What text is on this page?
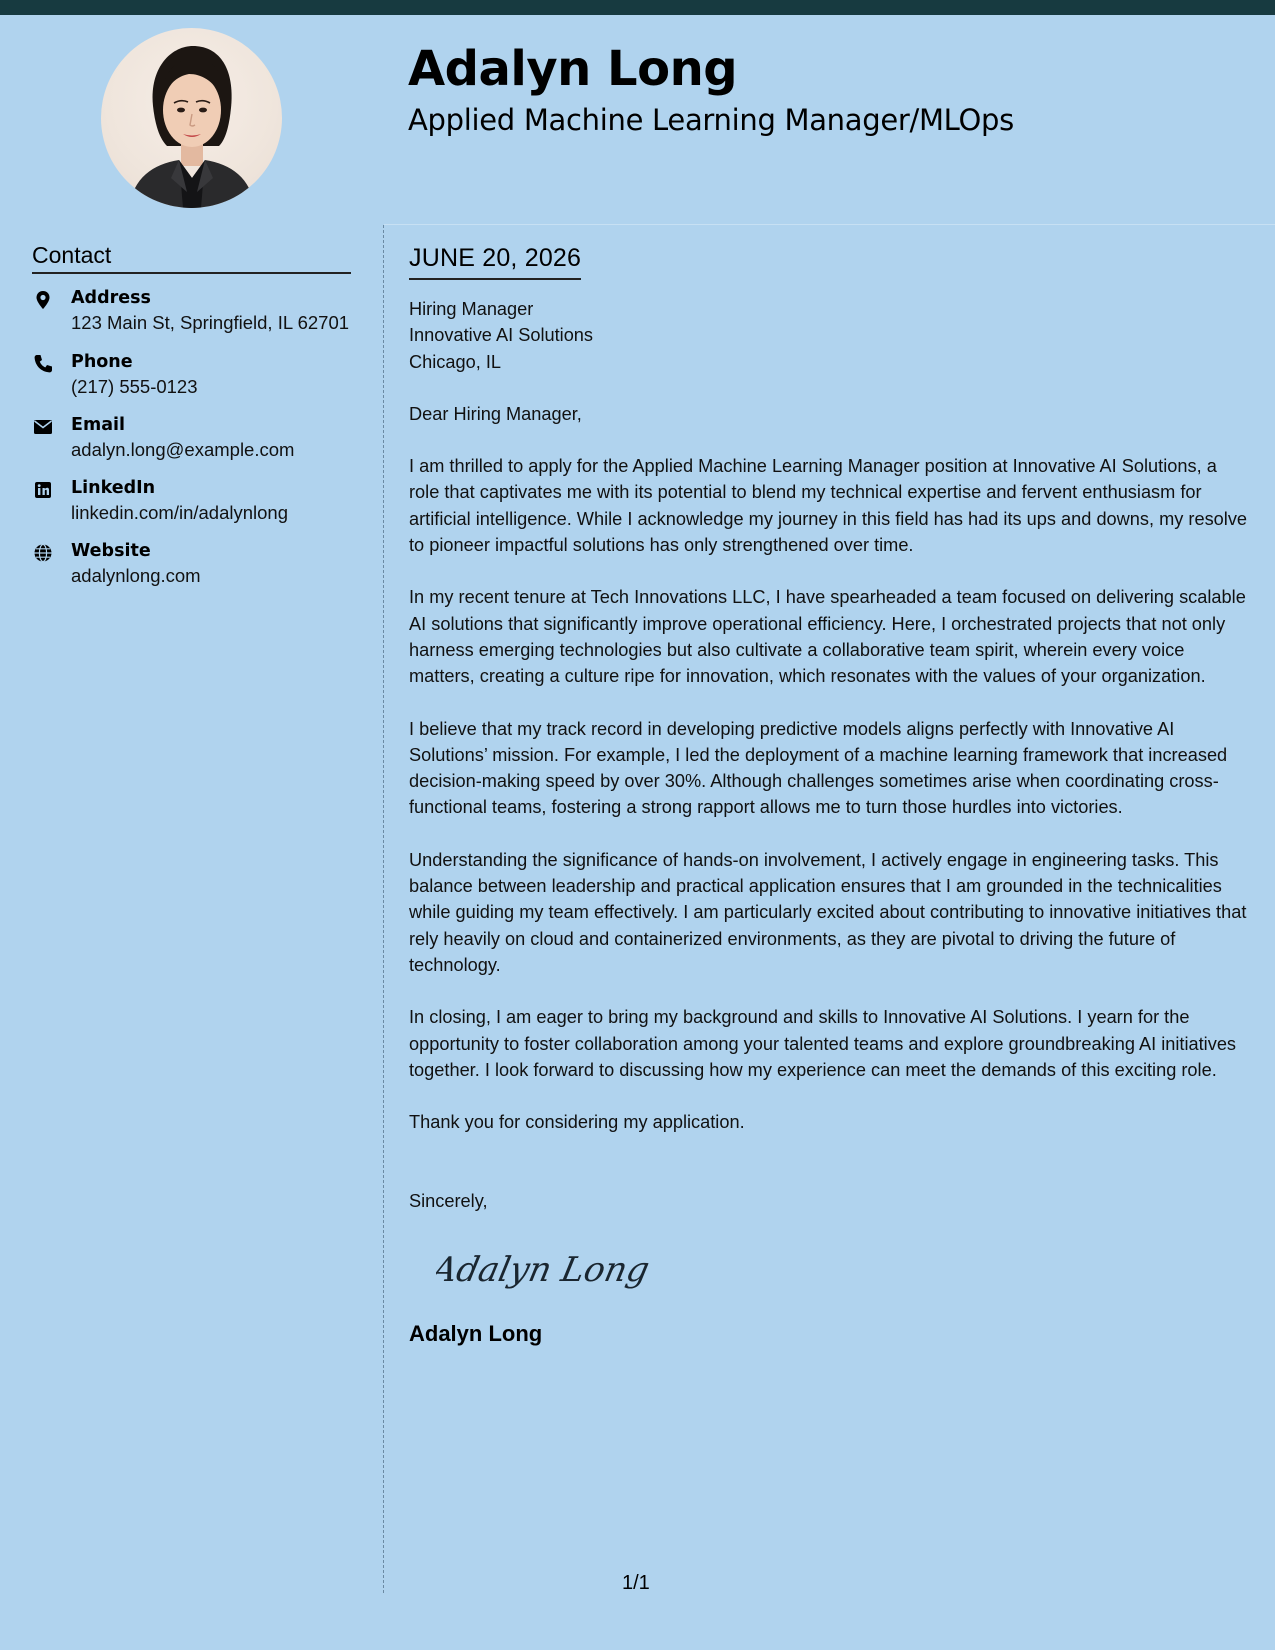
Adalyn Long
Applied Machine Learning Manager/MLOps
Contact
Address
123 Main St, Springfield, IL 62701
Phone
(217) 555-0123
Email
adalyn.long@example.com
LinkedIn
linkedin.com/in/adalynlong
Website
adalynlong.com
JUNE 20, 2026
Hiring Manager
Innovative AI Solutions
Chicago, IL
Dear Hiring Manager,
I am thrilled to apply for the Applied Machine Learning Manager position at Innovative AI Solutions, a role that captivates me with its potential to blend my technical expertise and fervent enthusiasm for artificial intelligence. While I acknowledge my journey in this field has had its ups and downs, my resolve to pioneer impactful solutions has only strengthened over time.
In my recent tenure at Tech Innovations LLC, I have spearheaded a team focused on delivering scalable AI solutions that significantly improve operational efficiency. Here, I orchestrated projects that not only harness emerging technologies but also cultivate a collaborative team spirit, wherein every voice matters, creating a culture ripe for innovation, which resonates with the values of your organization.
I believe that my track record in developing predictive models aligns perfectly with Innovative AI Solutions’ mission. For example, I led the deployment of a machine learning framework that increased decision-making speed by over 30%. Although challenges sometimes arise when coordinating cross-functional teams, fostering a strong rapport allows me to turn those hurdles into victories.
Understanding the significance of hands-on involvement, I actively engage in engineering tasks. This balance between leadership and practical application ensures that I am grounded in the technicalities while guiding my team effectively. I am particularly excited about contributing to innovative initiatives that rely heavily on cloud and containerized environments, as they are pivotal to driving the future of technology.
In closing, I am eager to bring my background and skills to Innovative AI Solutions. I yearn for the opportunity to foster collaboration among your talented teams and explore groundbreaking AI initiatives together. I look forward to discussing how my experience can meet the demands of this exciting role.
Thank you for considering my application.
Sincerely,
Adalyn Long
Adalyn Long
1/1
